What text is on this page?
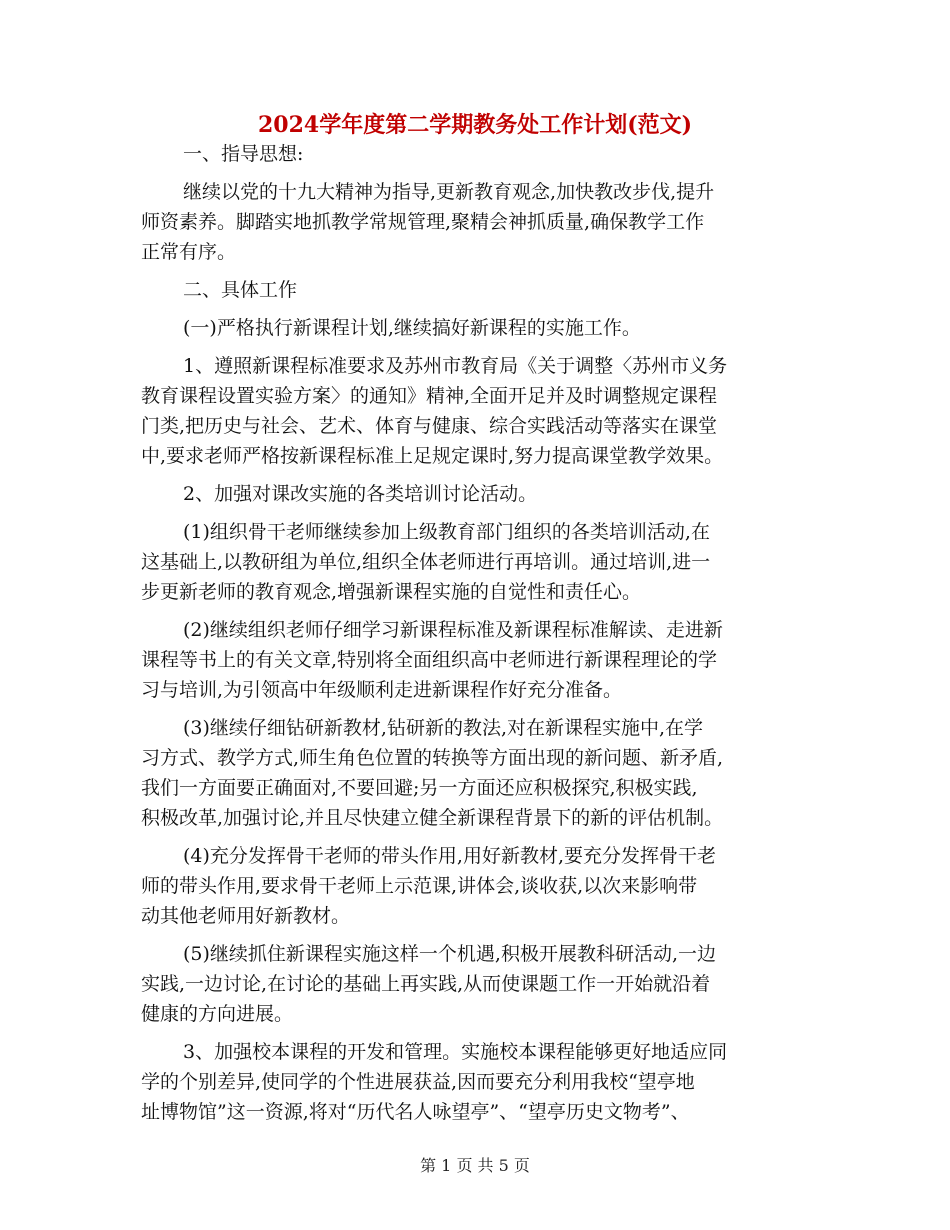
2024学年度第二学期教务处工作计划(范文)
一、指导思想:
继续以党的十九大精神为指导,更新教育观念,加快教改步伐,提升
师资素养。脚踏实地抓教学常规管理,聚精会神抓质量,确保教学工作
正常有序。
二、具体工作
(一)严格执行新课程计划,继续搞好新课程的实施工作。
1、遵照新课程标准要求及苏州市教育局《关于调整〈苏州市义务
教育课程设置实验方案〉的通知》精神,全面开足并及时调整规定课程
门类,把历史与社会、艺术、体育与健康、综合实践活动等落实在课堂
中,要求老师严格按新课程标准上足规定课时,努力提高课堂教学效果。
2、加强对课改实施的各类培训讨论活动。
(1)组织骨干老师继续参加上级教育部门组织的各类培训活动,在
这基础上,以教研组为单位,组织全体老师进行再培训。通过培训,进一
步更新老师的教育观念,增强新课程实施的自觉性和责任心。
(2)继续组织老师仔细学习新课程标准及新课程标准解读、走进新
课程等书上的有关文章,特别将全面组织高中老师进行新课程理论的学
习与培训,为引领高中年级顺利走进新课程作好充分准备。
(3)继续仔细钻研新教材,钻研新的教法,对在新课程实施中,在学
习方式、教学方式,师生角色位置的转换等方面出现的新问题、新矛盾,
我们一方面要正确面对,不要回避;另一方面还应积极探究,积极实践,
积极改革,加强讨论,并且尽快建立健全新课程背景下的新的评估机制。
(4)充分发挥骨干老师的带头作用,用好新教材,要充分发挥骨干老
师的带头作用,要求骨干老师上示范课,讲体会,谈收获,以次来影响带
动其他老师用好新教材。
(5)继续抓住新课程实施这样一个机遇,积极开展教科研活动,一边
实践,一边讨论,在讨论的基础上再实践,从而使课题工作一开始就沿着
健康的方向进展。
3、加强校本课程的开发和管理。实施校本课程能够更好地适应同
学的个别差异,使同学的个性进展获益,因而要充分利用我校“望亭地
址博物馆”这一资源,将对“历代名人咏望亭”、“望亭历史文物考”、
第 1 页 共 5 页
